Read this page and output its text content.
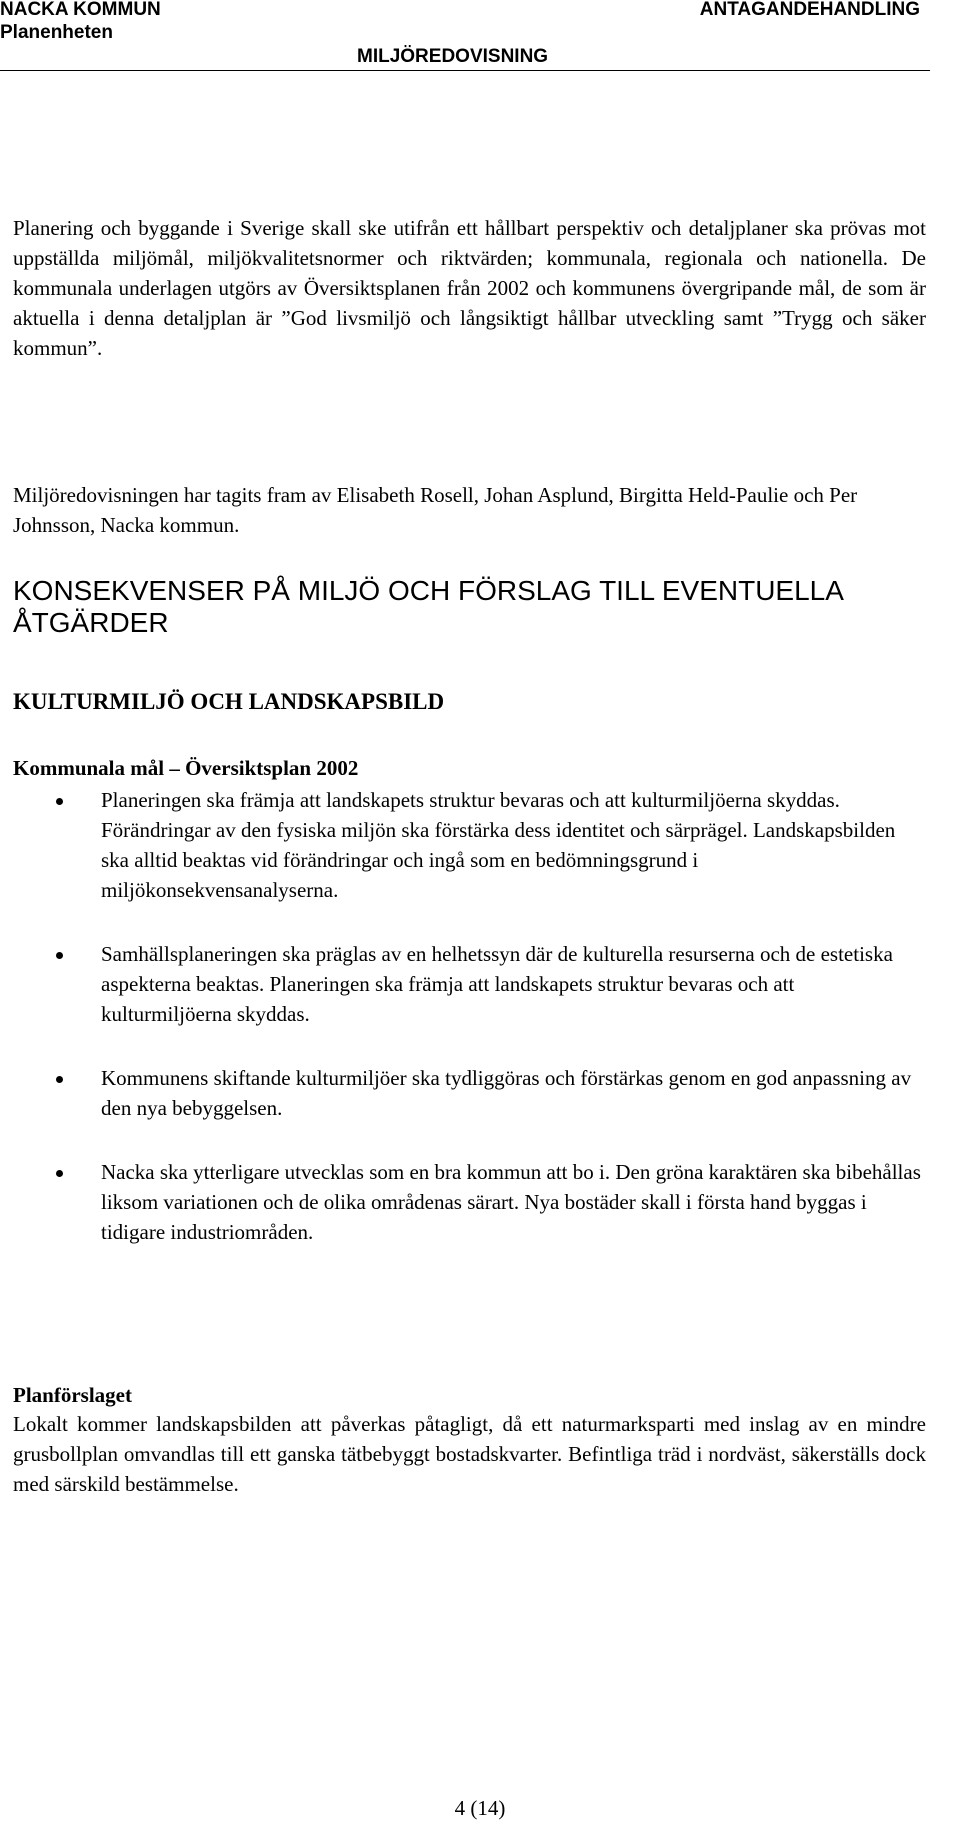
NACKA KOMMUN
Planenheten
ANTAGANDEHANDLING
MILJÖREDOVISNING
Planering och byggande i Sverige skall ske utifrån ett hållbart perspektiv och detaljplaner ska prövas mot uppställda miljömål, miljökvalitetsnormer och riktvärden; kommunala, regionala och nationella. De kommunala underlagen utgörs av Översiktsplanen från 2002 och kommunens övergripande mål, de som är aktuella i denna detaljplan är ”God livsmiljö och långsiktigt hållbar utveckling samt ”Trygg och säker kommun”.
Miljöredovisningen har tagits fram av Elisabeth Rosell, Johan Asplund, Birgitta Held-Paulie och Per Johnsson, Nacka kommun.
KONSEKVENSER PÅ MILJÖ OCH FÖRSLAG TILL EVENTUELLA ÅTGÄRDER
KULTURMILJÖ OCH LANDSKAPSBILD
Kommunala mål – Översiktsplan 2002
Planeringen ska främja att landskapets struktur bevaras och att kulturmiljöerna skyddas. Förändringar av den fysiska miljön ska förstärka dess identitet och särprägel. Landskapsbilden ska alltid beaktas vid förändringar och ingå som en bedömningsgrund i miljökonsekvensanalyserna.
Samhällsplaneringen ska präglas av en helhetssyn där de kulturella resurserna och de estetiska aspekterna beaktas. Planeringen ska främja att landskapets struktur bevaras och att kulturmiljöerna skyddas.
Kommunens skiftande kulturmiljöer ska tydliggöras och förstärkas genom en god anpassning av den nya bebyggelsen.
Nacka ska ytterligare utvecklas som en bra kommun att bo i. Den gröna karaktären ska bibehållas liksom variationen och de olika områdenas särart. Nya bostäder skall i första hand byggas i tidigare industriområden.
Planförslaget
Lokalt kommer landskapsbilden att påverkas påtagligt, då ett naturmarksparti med inslag av en mindre grusbollplan omvandlas till ett ganska tätbebyggt bostadskvarter. Befintliga träd i nordväst, säkerställs dock med särskild bestämmelse.
4 (14)
